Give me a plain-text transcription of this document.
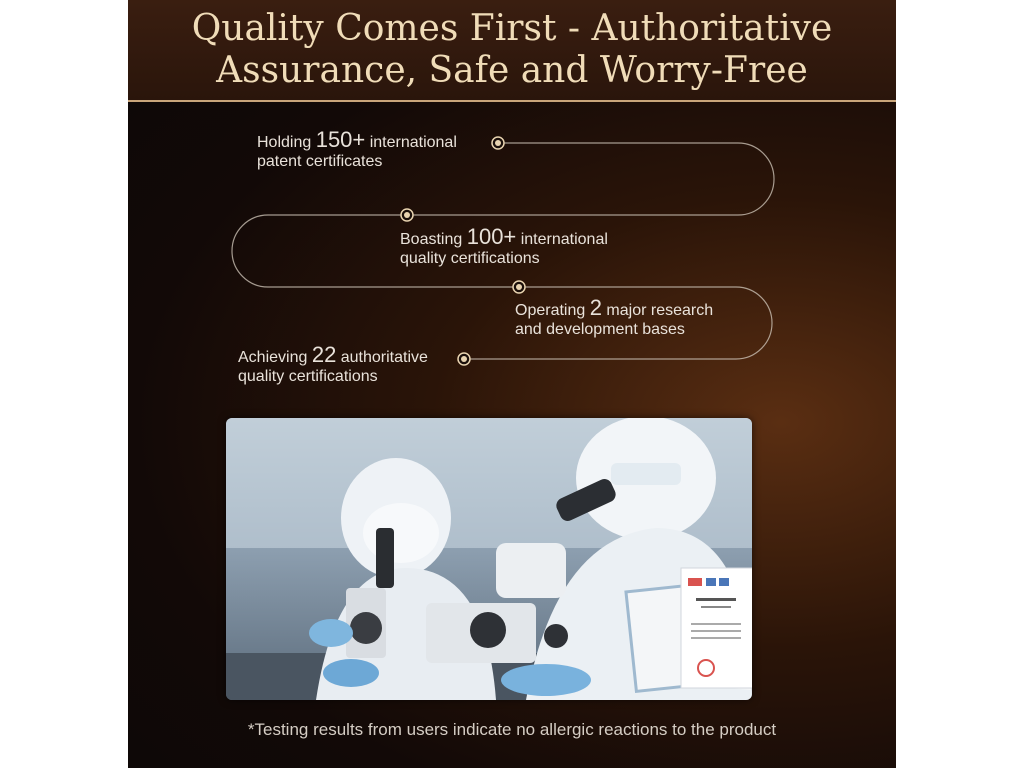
Quality Comes First - Authoritative
Assurance, Safe and Worry-Free
Holding 150+ international
patent certificates
Boasting 100+ international
quality certifications
Operating 2 major research
and development bases
Achieving 22 authoritative
quality certifications
*Testing results from users indicate no allergic reactions to the product
